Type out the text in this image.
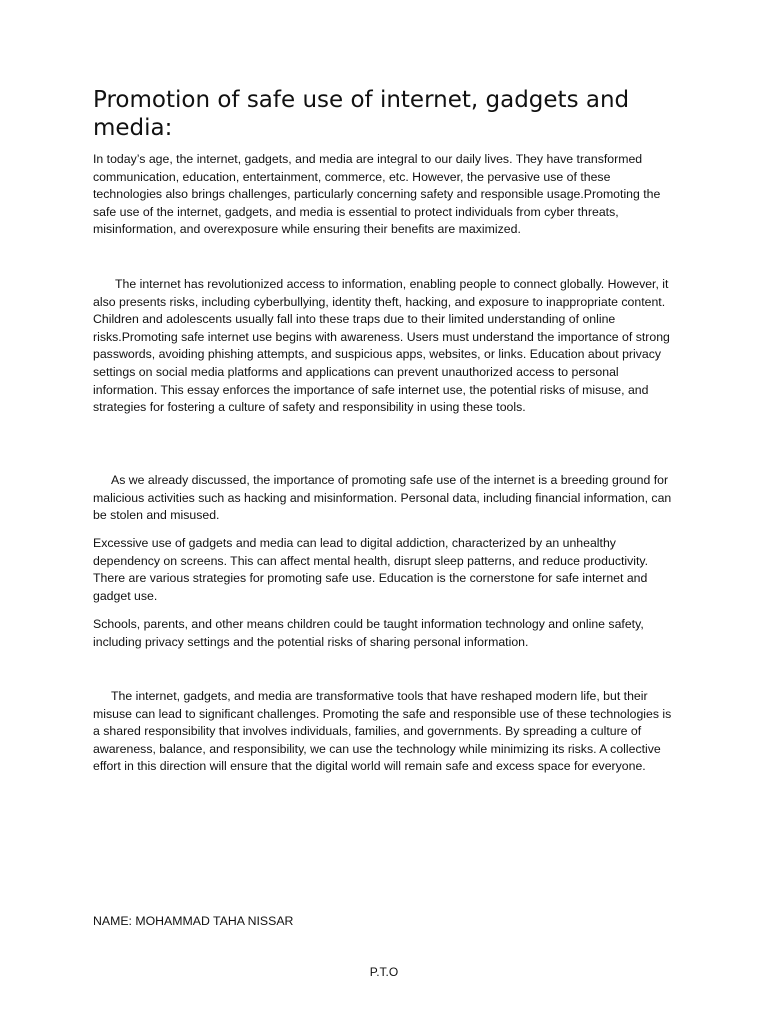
Promotion of safe use of internet, gadgets and media:

In today’s age, the internet, gadgets, and media are integral to our daily lives. They have transformed communication, education, entertainment, commerce, etc. However, the pervasive use of these technologies also brings challenges, particularly concerning safety and responsible usage.Promoting the safe use of the internet, gadgets, and media is essential to protect individuals from cyber threats, misinformation, and overexposure while ensuring their benefits are maximized.

The internet has revolutionized access to information, enabling people to connect globally. However, it also presents risks, including cyberbullying, identity theft, hacking, and exposure to inappropriate content. Children and adolescents usually fall into these traps due to their limited understanding of online risks.Promoting safe internet use begins with awareness. Users must understand the importance of strong passwords, avoiding phishing attempts, and suspicious apps, websites, or links. Education about privacy settings on social media platforms and applications can prevent unauthorized access to personal information. This essay enforces the importance of safe internet use, the potential risks of misuse, and strategies for fostering a culture of safety and responsibility in using these tools.

As we already discussed, the importance of promoting safe use of the internet is a breeding ground for malicious activities such as hacking and misinformation. Personal data, including financial information, can be stolen and misused.

Excessive use of gadgets and media can lead to digital addiction, characterized by an unhealthy dependency on screens. This can affect mental health, disrupt sleep patterns, and reduce productivity. There are various strategies for promoting safe use. Education is the cornerstone for safe internet and gadget use.

Schools, parents, and other means children could be taught information technology and online safety, including privacy settings and the potential risks of sharing personal information.

The internet, gadgets, and media are transformative tools that have reshaped modern life, but their misuse can lead to significant challenges. Promoting the safe and responsible use of these technologies is a shared responsibility that involves individuals, families, and governments. By spreading a culture of awareness, balance, and responsibility, we can use the technology while minimizing its risks. A collective effort in this direction will ensure that the digital world will remain safe and excess space for everyone.

NAME: MOHAMMAD TAHA NISSAR

P.T.O
